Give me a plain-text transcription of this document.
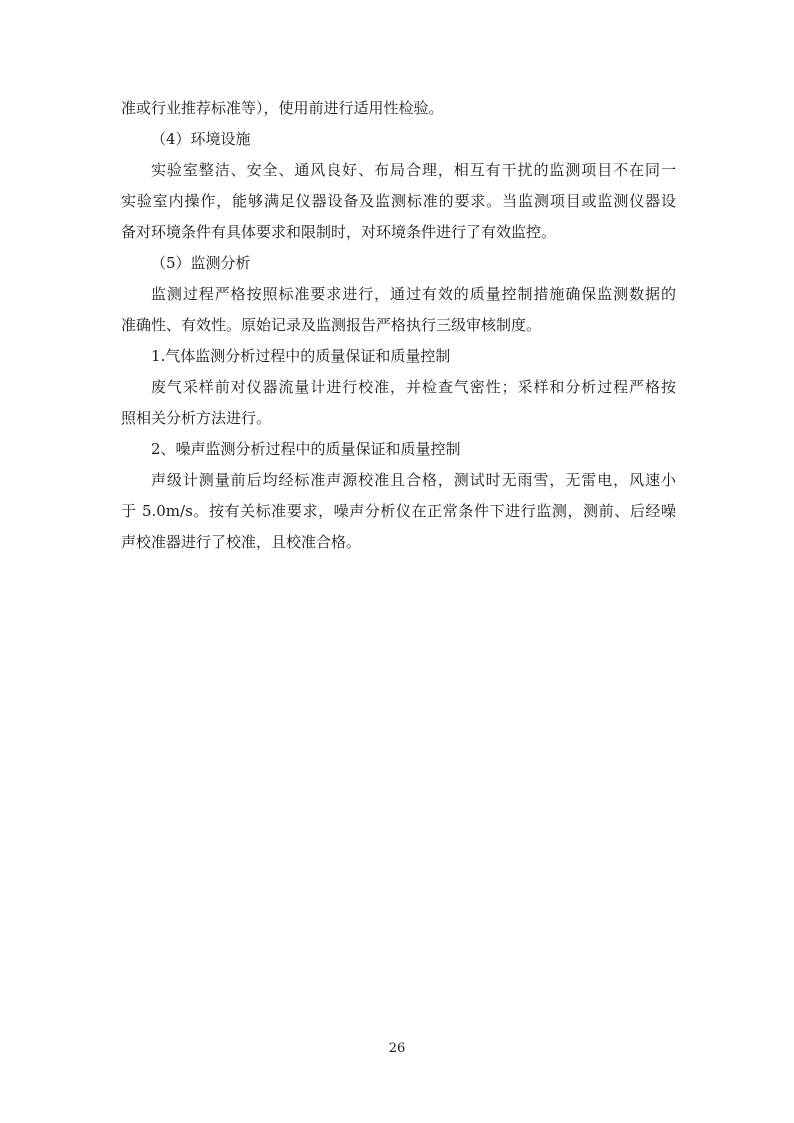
准或行业推荐标准等），使用前进行适用性检验。
（4）环境设施
实验室整洁、安全、通风良好、布局合理，相互有干扰的监测项目不在同一
实验室内操作，能够满足仪器设备及监测标准的要求。当监测项目或监测仪器设
备对环境条件有具体要求和限制时，对环境条件进行了有效监控。
（5）监测分析
监测过程严格按照标准要求进行，通过有效的质量控制措施确保监测数据的
准确性、有效性。原始记录及监测报告严格执行三级审核制度。
1.气体监测分析过程中的质量保证和质量控制
废气采样前对仪器流量计进行校准，并检查气密性；采样和分析过程严格按
照相关分析方法进行。
2、噪声监测分析过程中的质量保证和质量控制
声级计测量前后均经标准声源校准且合格，测试时无雨雪，无雷电，风速小
于 5.0m/s。按有关标准要求，噪声分析仪在正常条件下进行监测，测前、后经噪
声校准器进行了校准，且校准合格。
26
